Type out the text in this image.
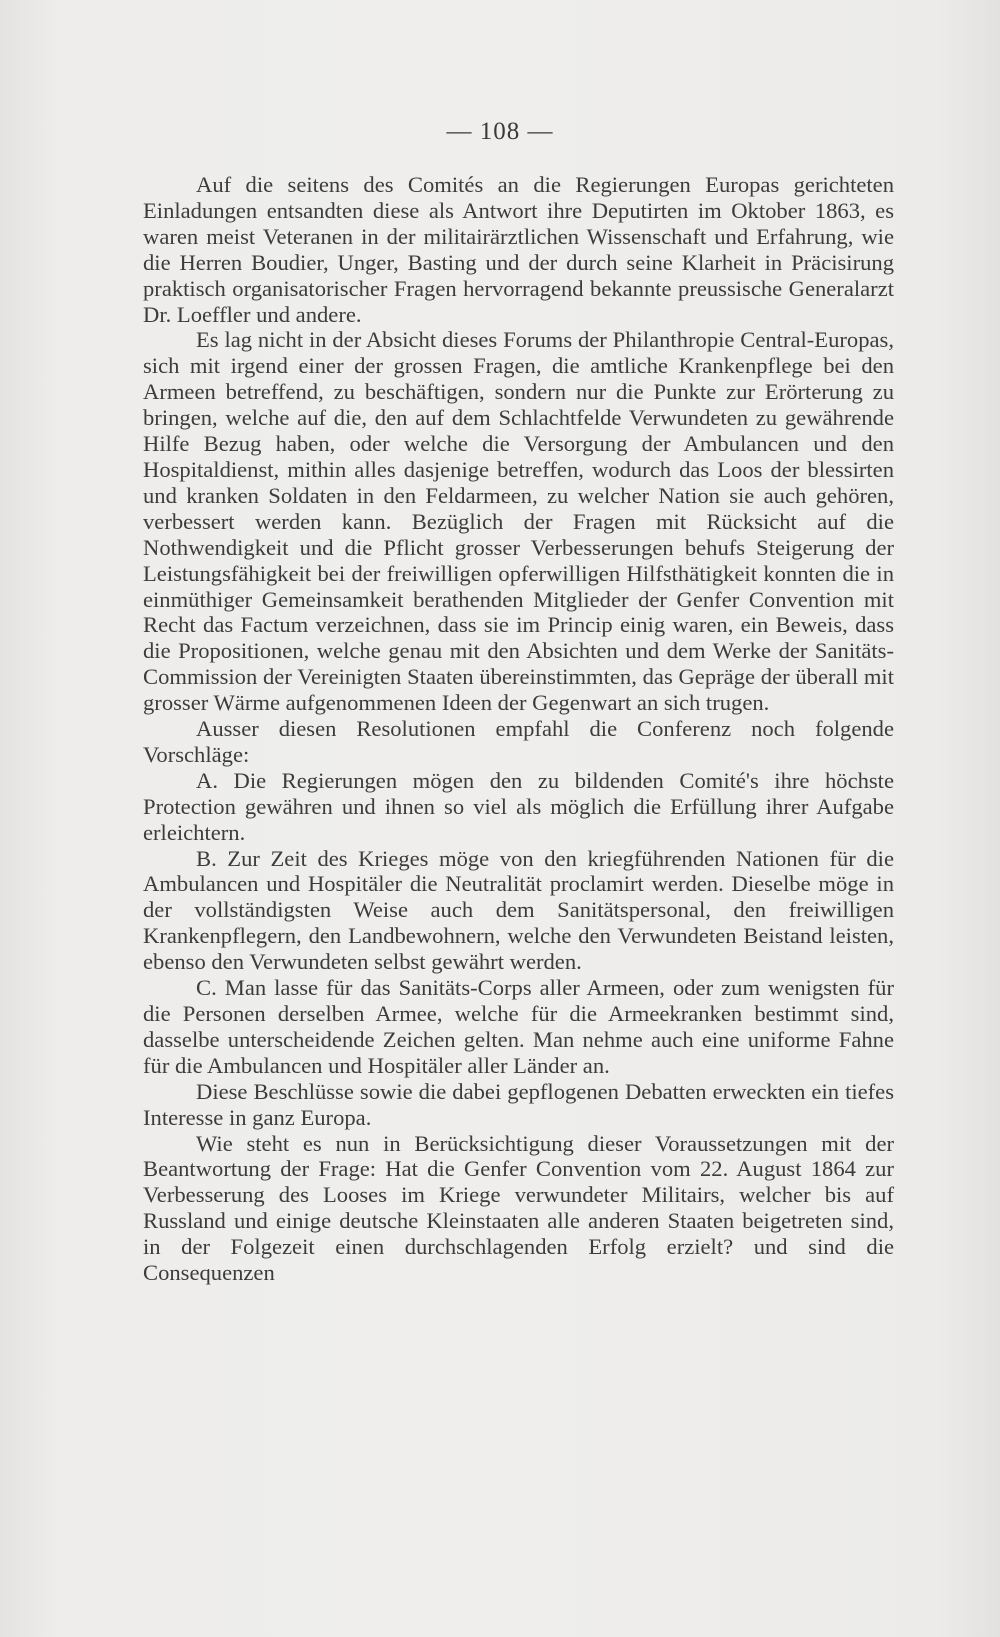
— 108 —

Auf die seitens des Comités an die Regierungen Europas gerichteten Einladungen entsandten diese als Antwort ihre Deputirten im Oktober 1863, es waren meist Veteranen in der militairärztlichen Wissenschaft und Erfahrung, wie die Herren Boudier, Unger, Basting und der durch seine Klarheit in Präcisirung praktisch organisatorischer Fragen hervorragend bekannte preussische Generalarzt Dr. Loeffler und andere.

Es lag nicht in der Absicht dieses Forums der Philanthropie Central-Europas, sich mit irgend einer der grossen Fragen, die amtliche Krankenpflege bei den Armeen betreffend, zu beschäftigen, sondern nur die Punkte zur Erörterung zu bringen, welche auf die, den auf dem Schlachtfelde Verwundeten zu gewährende Hilfe Bezug haben, oder welche die Versorgung der Ambulancen und den Hospitaldienst, mithin alles dasjenige betreffen, wodurch das Loos der blessirten und kranken Soldaten in den Feldarmeen, zu welcher Nation sie auch gehören, verbessert werden kann. Bezüglich der Fragen mit Rücksicht auf die Nothwendigkeit und die Pflicht grosser Verbesserungen behufs Steigerung der Leistungsfähigkeit bei der freiwilligen opferwilligen Hilfsthätigkeit konnten die in einmüthiger Gemeinsamkeit berathenden Mitglieder der Genfer Convention mit Recht das Factum verzeichnen, dass sie im Princip einig waren, ein Beweis, dass die Propositionen, welche genau mit den Absichten und dem Werke der Sanitäts-Commission der Vereinigten Staaten übereinstimmten, das Gepräge der überall mit grosser Wärme aufgenommenen Ideen der Gegenwart an sich trugen.

Ausser diesen Resolutionen empfahl die Conferenz noch folgende Vorschläge:

A. Die Regierungen mögen den zu bildenden Comité's ihre höchste Protection gewähren und ihnen so viel als möglich die Erfüllung ihrer Aufgabe erleichtern.

B. Zur Zeit des Krieges möge von den kriegführenden Nationen für die Ambulancen und Hospitäler die Neutralität proclamirt werden. Dieselbe möge in der vollständigsten Weise auch dem Sanitätspersonal, den freiwilligen Krankenpflegern, den Landbewohnern, welche den Verwundeten Beistand leisten, ebenso den Verwundeten selbst gewährt werden.

C. Man lasse für das Sanitäts-Corps aller Armeen, oder zum wenigsten für die Personen derselben Armee, welche für die Armeekranken bestimmt sind, dasselbe unterscheidende Zeichen gelten. Man nehme auch eine uniforme Fahne für die Ambulancen und Hospitäler aller Länder an.

Diese Beschlüsse sowie die dabei gepflogenen Debatten erweckten ein tiefes Interesse in ganz Europa.

Wie steht es nun in Berücksichtigung dieser Voraussetzungen mit der Beantwortung der Frage: Hat die Genfer Convention vom 22. August 1864 zur Verbesserung des Looses im Kriege verwundeter Militairs, welcher bis auf Russland und einige deutsche Kleinstaaten alle anderen Staaten beigetreten sind, in der Folgezeit einen durchschlagenden Erfolg erzielt? und sind die Consequenzen
